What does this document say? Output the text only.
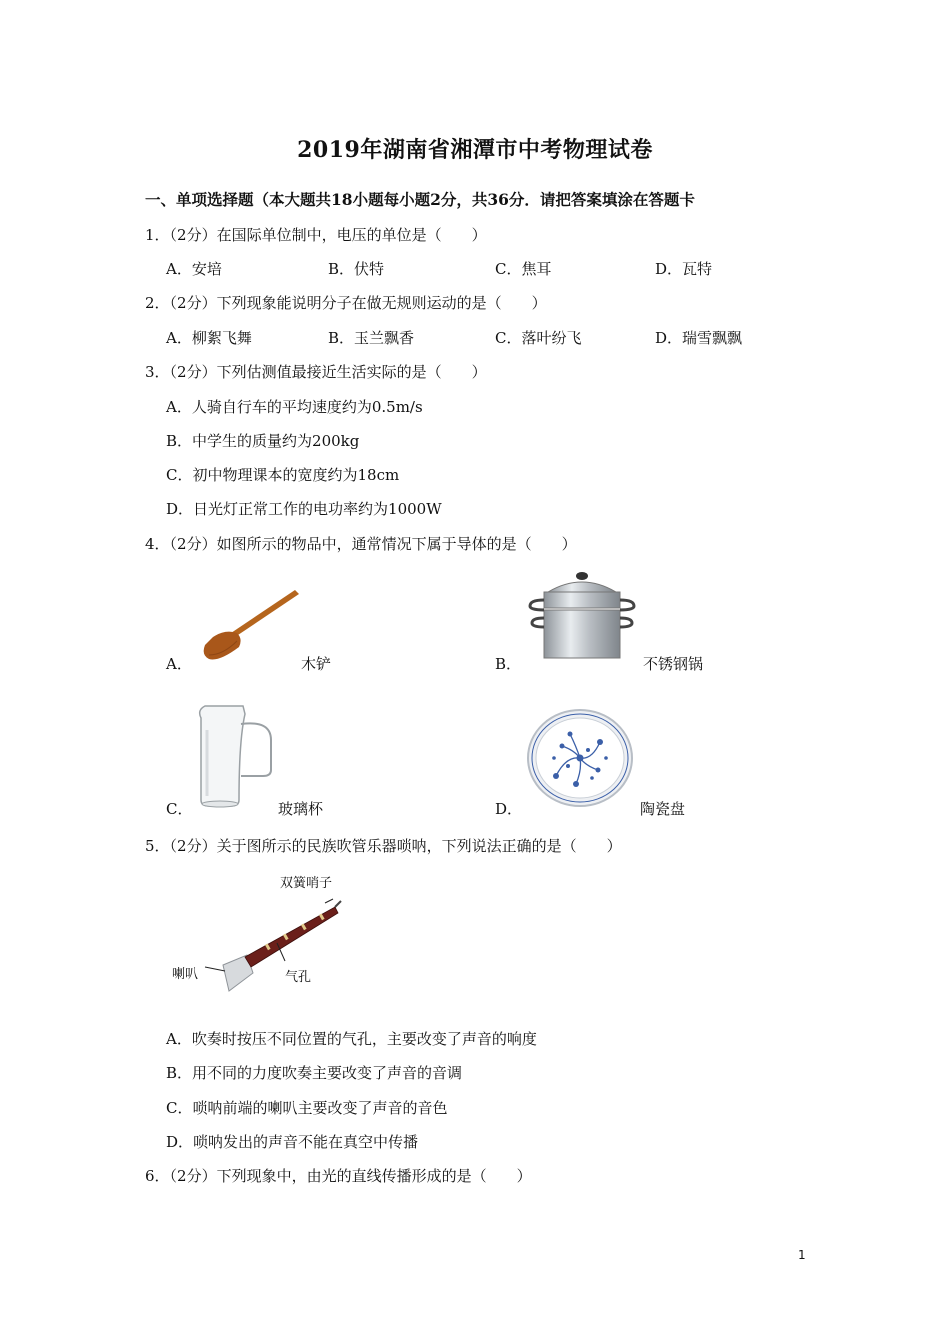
2019年湖南省湘潭市中考物理试卷
一、单项选择题（本大题共18小题每小题2分，共36分．请把答案填涂在答题卡
1．（2分）在国际单位制中，电压的单位是（　　）
A．安培	B．伏特	C．焦耳	D．瓦特
2．（2分）下列现象能说明分子在做无规则运动的是（　　）
A．柳絮飞舞	B．玉兰飘香	C．落叶纷飞	D．瑞雪飘飘
3．（2分）下列估测值最接近生活实际的是（　　）
A．人骑自行车的平均速度约为0.5m/s
B．中学生的质量约为200kg
C．初中物理课本的宽度约为18cm
D．日光灯正常工作的电功率约为1000W
4．（2分）如图所示的物品中，通常情况下属于导体的是（　　）
A．	木铲	B．	不锈钢锅
C．	玻璃杯	D．	陶瓷盘
5．（2分）关于图所示的民族吹管乐器唢呐，下列说法正确的是（　　）
双簧哨子
喇叭	气孔
A．吹奏时按压不同位置的气孔，主要改变了声音的响度
B．用不同的力度吹奏主要改变了声音的音调
C．唢呐前端的喇叭主要改变了声音的音色
D．唢呐发出的声音不能在真空中传播
6．（2分）下列现象中，由光的直线传播形成的是（　　）
1
